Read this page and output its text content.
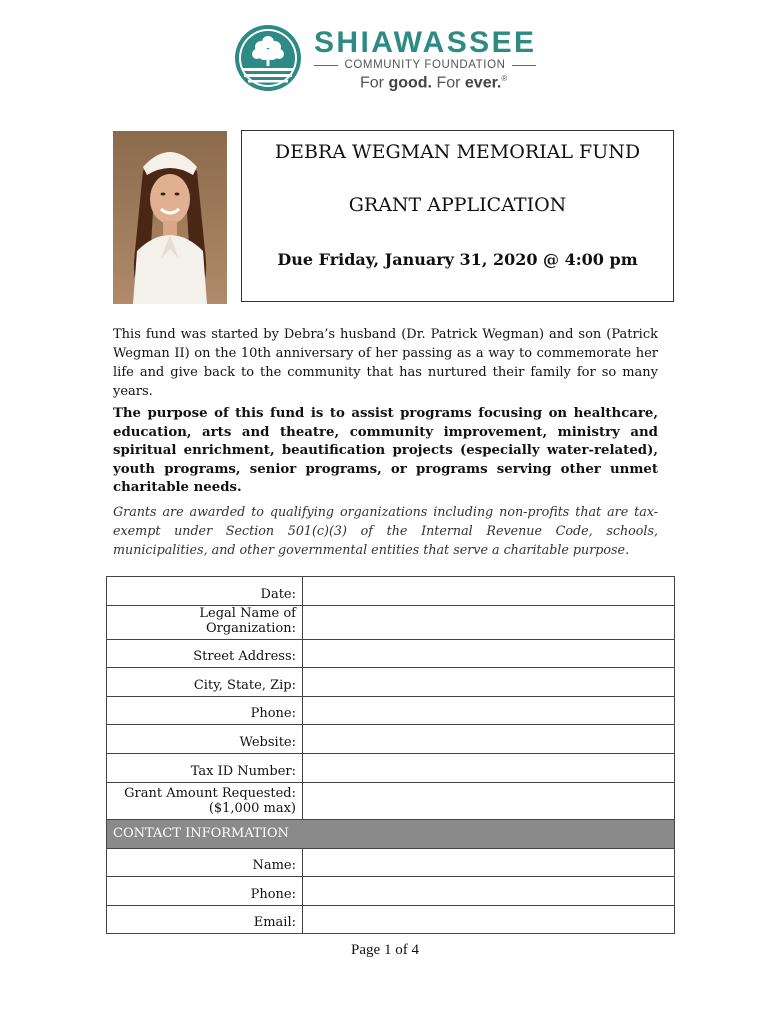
SHIAWASSEE
COMMUNITY FOUNDATION
For good. For ever.®
DEBRA WEGMAN MEMORIAL FUND
GRANT APPLICATION
Due Friday, January 31, 2020 @ 4:00 pm

This fund was started by Debra’s husband (Dr. Patrick Wegman) and son (Patrick Wegman II) on the 10th anniversary of her passing as a way to commemorate her life and give back to the community that has nurtured their family for so many years.

The purpose of this fund is to assist programs focusing on healthcare, education, arts and theatre, community improvement, ministry and spiritual enrichment, beautification projects (especially water-related), youth programs, senior programs, or programs serving other unmet charitable needs.

Grants are awarded to qualifying organizations including non-profits that are tax-exempt under Section 501(c)(3) of the Internal Revenue Code, schools, municipalities, and other governmental entities that serve a charitable purpose.

Date:	
Legal Name of Organization:	
Street Address:	
City, State, Zip:	
Phone:	
Website:	
Tax ID Number:	
Grant Amount Requested: ($1,000 max)	
CONTACT INFORMATION	
Name:	
Phone:	
Email:	
Page 1 of 4
